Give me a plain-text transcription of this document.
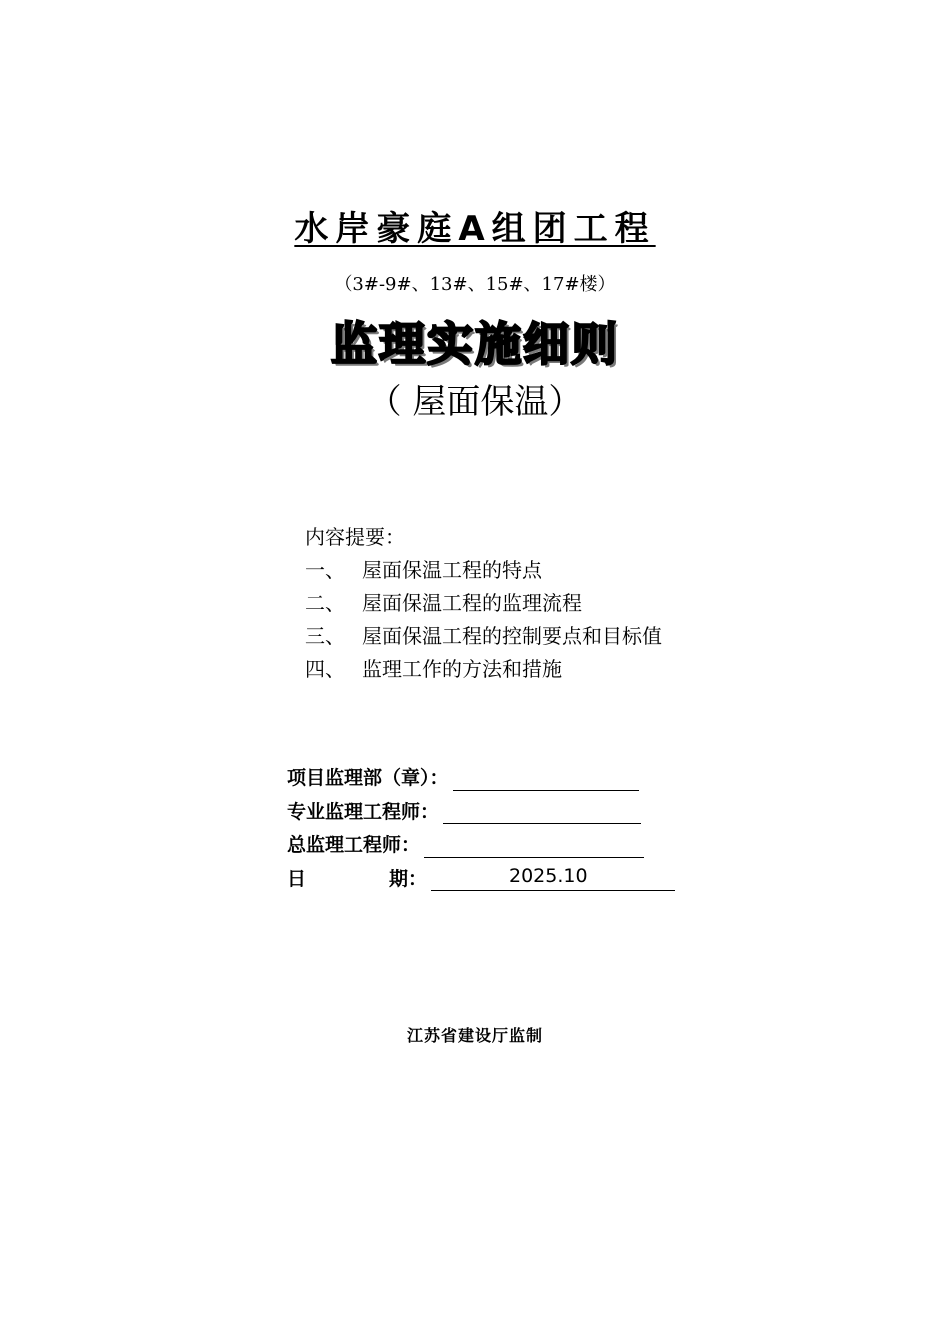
水岸豪庭A组团工程
（3#-9#、13#、15#、17#楼）
监理实施细则
（ 屋面保温）
内容提要：
一、 屋面保温工程的特点
二、 屋面保温工程的监理流程
三、 屋面保温工程的控制要点和目标值
四、 监理工作的方法和措施
项目监理部（章）：
专业监理工程师：
总监理工程师：
日	期：	2025.10
江苏省建设厅监制
